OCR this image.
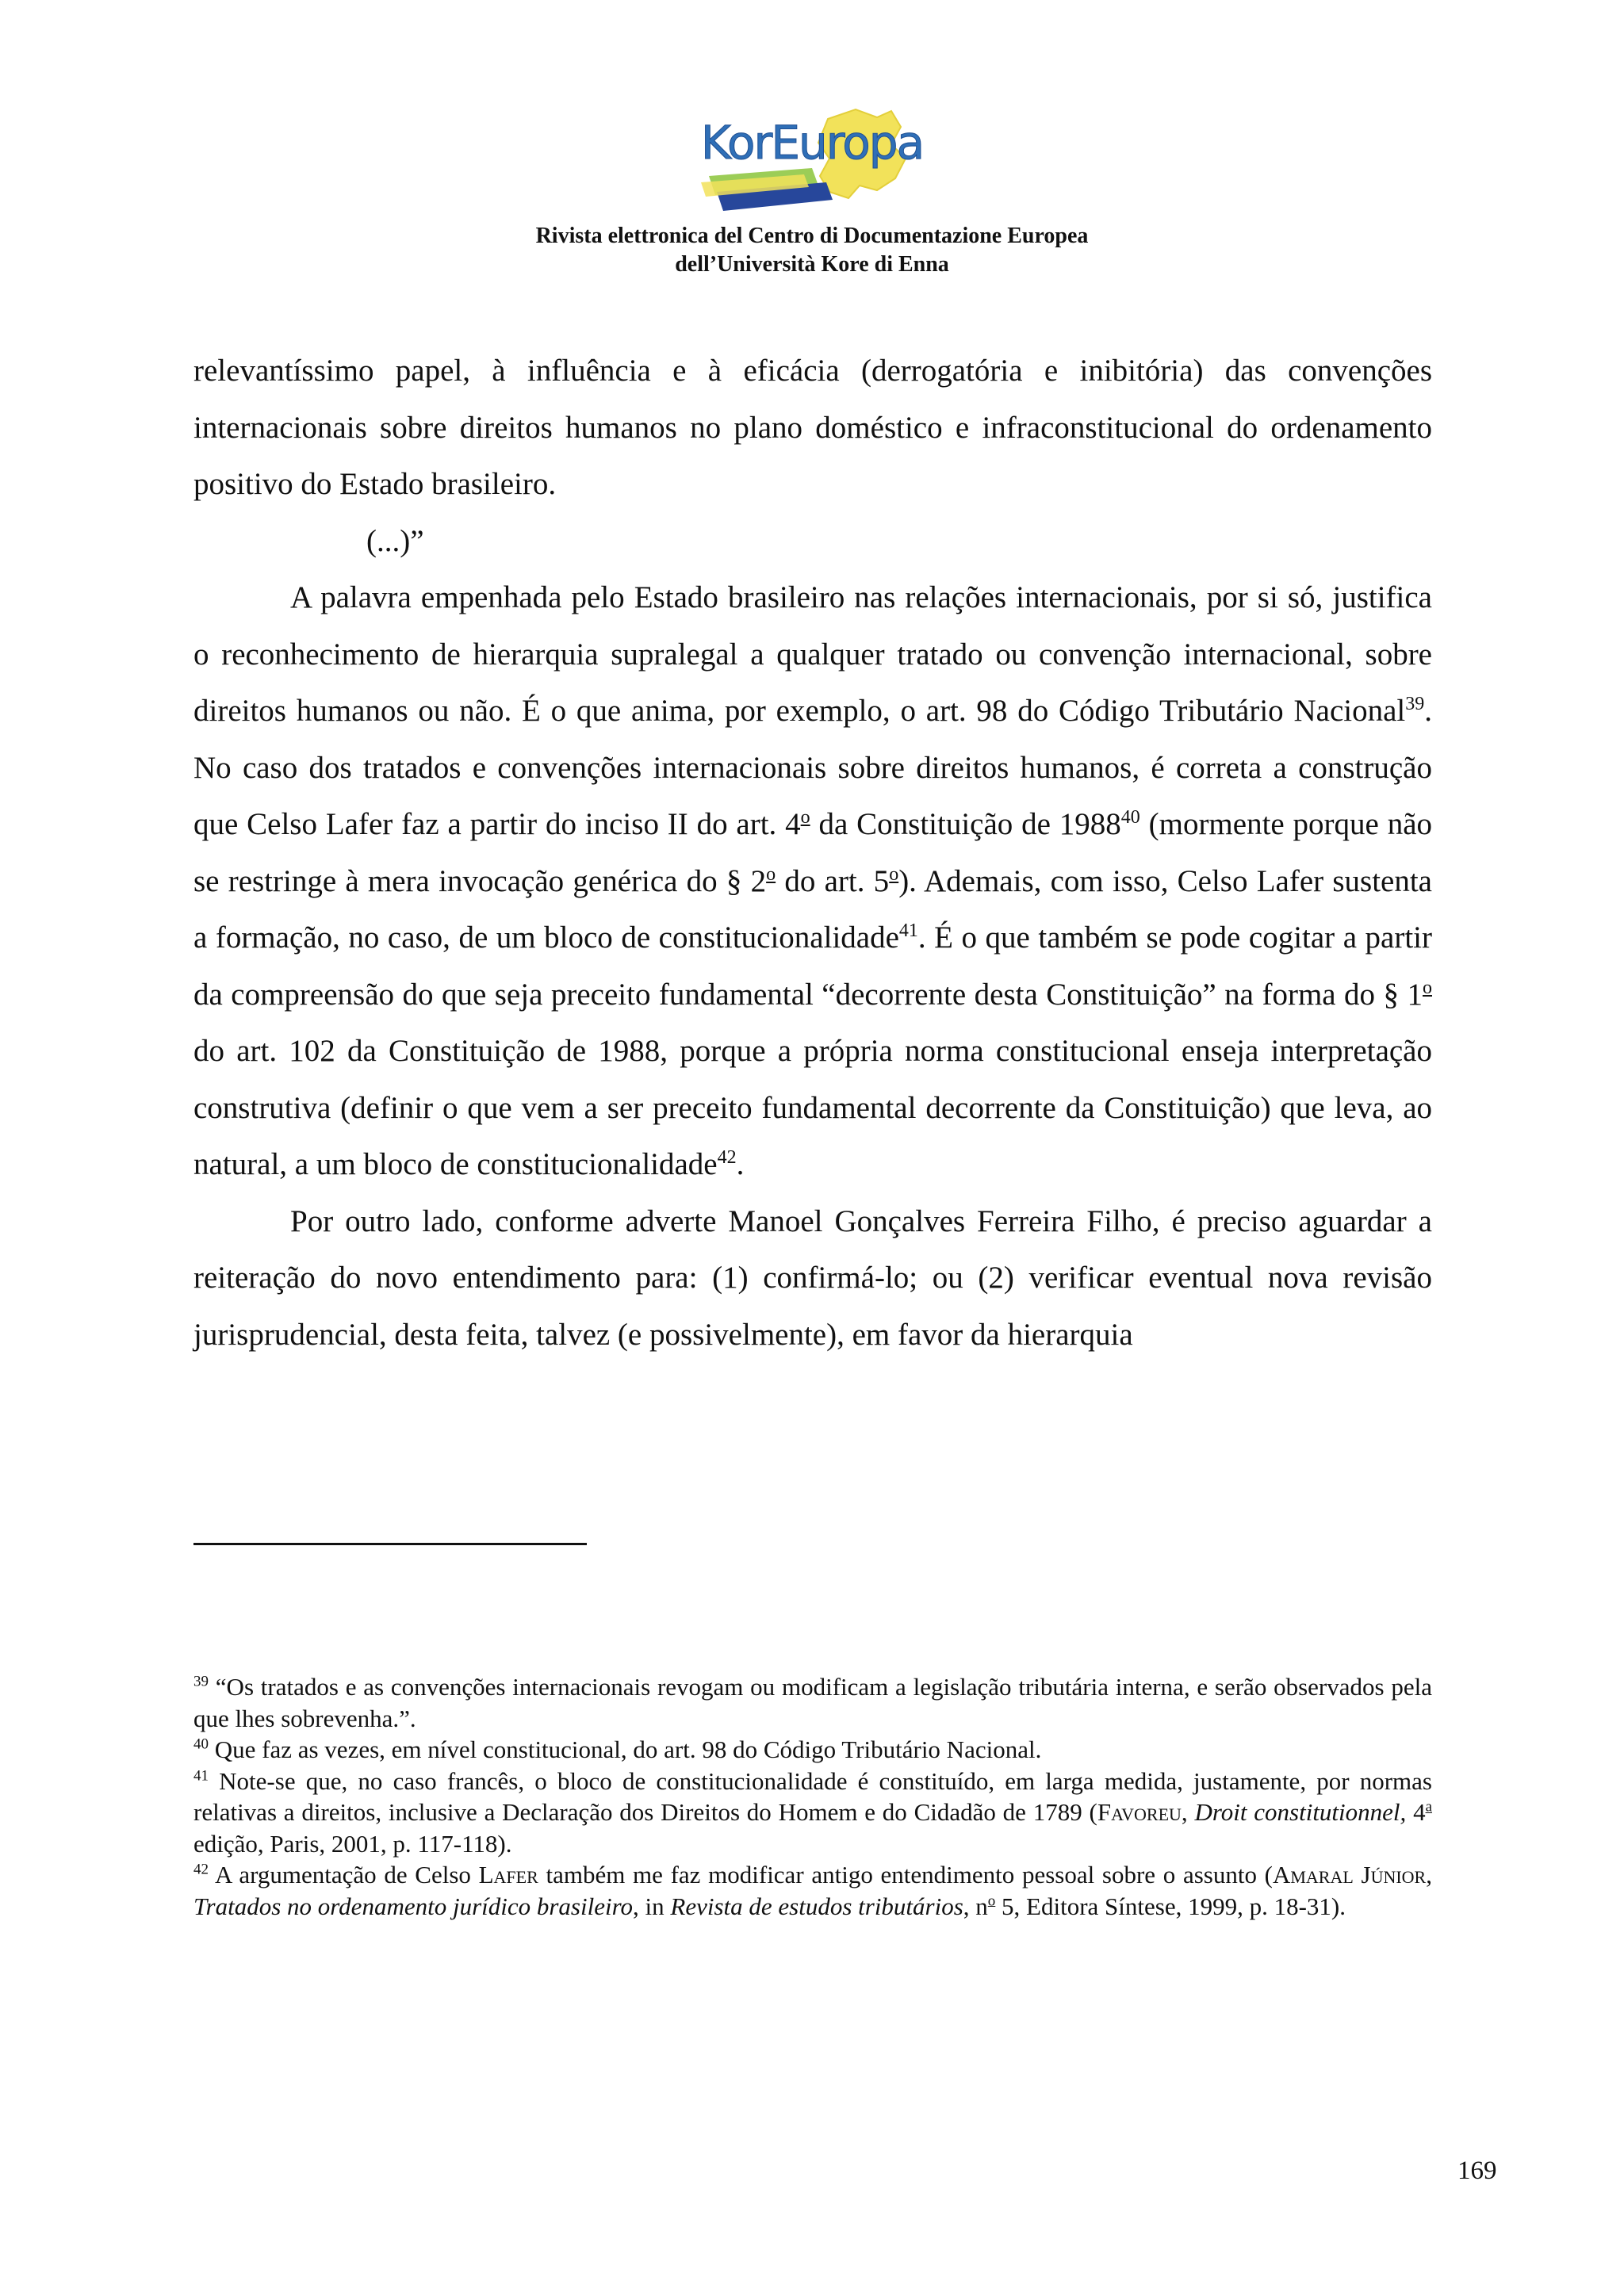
KorEuropa
Rivista elettronica del Centro di Documentazione Europea
dell’Università Kore di Enna

relevantíssimo papel, à influência e à eficácia (derrogatória e inibitória) das convenções internacionais sobre direitos humanos no plano doméstico e infraconstitucional do ordenamento positivo do Estado brasileiro.

(...)”

A palavra empenhada pelo Estado brasileiro nas relações internacionais, por si só, justifica o reconhecimento de hierarquia supralegal a qualquer tratado ou convenção internacional, sobre direitos humanos ou não. É o que anima, por exemplo, o art. 98 do Código Tributário Nacional$^{39}$. No caso dos tratados e convenções internacionais sobre direitos humanos, é correta a construção que Celso Lafer faz a partir do inciso II do art. 4$^o$ da Constituição de 1988$^{40}$ (mormente porque não se restringe à mera invocação genérica do § 2$^o$ do art. 5$^o$). Ademais, com isso, Celso Lafer sustenta a formação, no caso, de um bloco de constitucionalidade$^{41}$. É o que também se pode cogitar a partir da compreensão do que seja preceito fundamental “decorrente desta Constituição” na forma do § 1$^o$ do art. 102 da Constituição de 1988, porque a própria norma constitucional enseja interpretação construtiva (definir o que vem a ser preceito fundamental decorrente da Constituição) que leva, ao natural, a um bloco de constitucionalidade$^{42}$.

Por outro lado, conforme adverte Manoel Gonçalves Ferreira Filho, é preciso aguardar a reiteração do novo entendimento para: (1) confirmá-lo; ou (2) verificar eventual nova revisão jurisprudencial, desta feita, talvez (e possivelmente), em favor da hierarquia

$^{39}$ “Os tratados e as convenções internacionais revogam ou modificam a legislação tributária interna, e serão observados pela que lhes sobrevenha.”.

$^{40}$ Que faz as vezes, em nível constitucional, do art. 98 do Código Tributário Nacional.

$^{41}$ Note-se que, no caso francês, o bloco de constitucionalidade é constituído, em larga medida, justamente, por normas relativas a direitos, inclusive a Declaração dos Direitos do Homem e do Cidadão de 1789 (Favoreu, Droit constitutionnel, 4$^a$ edição, Paris, 2001, p. 117-118).

$^{42}$ A argumentação de Celso Lafer também me faz modificar antigo entendimento pessoal sobre o assunto (Amaral Júnior, Tratados no ordenamento jurídico brasileiro, in Revista de estudos tributários, $n^o$ 5, Editora Síntese, 1999, p. 18-31).

169
